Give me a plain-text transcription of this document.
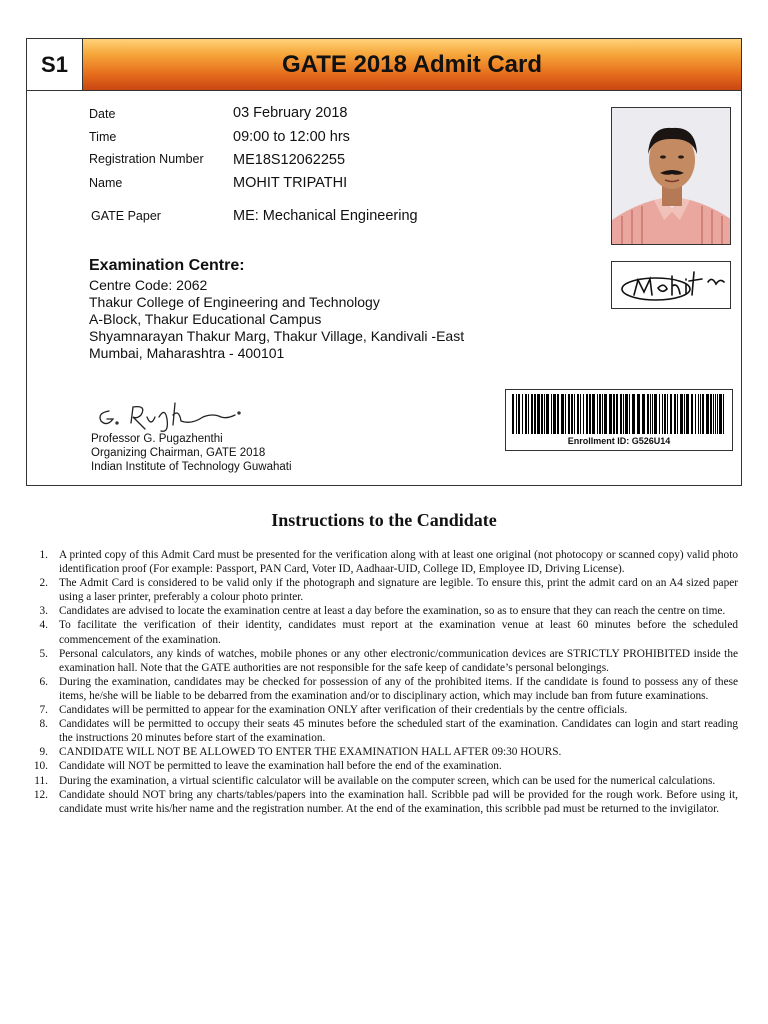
S1	GATE 2018 Admit Card
Date	03 February 2018
Time	09:00 to 12:00 hrs
Registration Number ME18S12062255
Name	MOHIT TRIPATHI
GATE Paper	ME: Mechanical Engineering
Examination Centre:
Centre Code: 2062
Thakur College of Engineering and Technology
A-Block, Thakur Educational Campus
Shyamnarayan Thakur Marg, Thakur Village, Kandivali -East
Mumbai, Maharashtra - 400101
Enrollment ID: G526U14
Professor G. Pugazhenthi
Organizing Chairman, GATE 2018
Indian Institute of Technology Guwahati
Instructions to the Candidate
1. A printed copy of this Admit Card must be presented for the verification along with at least one original (not photocopy or scanned copy) valid photo identification proof (For example: Passport, PAN Card, Voter ID, Aadhaar-UID, College ID, Employee ID, Driving License).
2. The Admit Card is considered to be valid only if the photograph and signature are legible. To ensure this, print the admit card on an A4 sized paper using a laser printer, preferably a colour photo printer.
3. Candidates are advised to locate the examination centre at least a day before the examination, so as to ensure that they can reach the centre on time.
4. To facilitate the verification of their identity, candidates must report at the examination venue at least 60 minutes before the scheduled commencement of the examination.
5. Personal calculators, any kinds of watches, mobile phones or any other electronic/communication devices are STRICTLY PROHIBITED inside the examination hall. Note that the GATE authorities are not responsible for the safe keep of candidate’s personal belongings.
6. During the examination, candidates may be checked for possession of any of the prohibited items. If the candidate is found to possess any of these items, he/she will be liable to be debarred from the examination and/or to disciplinary action, which may include ban from future examinations.
7. Candidates will be permitted to appear for the examination ONLY after verification of their credentials by the centre officials.
8. Candidates will be permitted to occupy their seats 45 minutes before the scheduled start of the examination. Candidates can login and start reading the instructions 20 minutes before start of the examination.
9. CANDIDATE WILL NOT BE ALLOWED TO ENTER THE EXAMINATION HALL AFTER 09:30 HOURS.
10. Candidate will NOT be permitted to leave the examination hall before the end of the examination.
11. During the examination, a virtual scientific calculator will be available on the computer screen, which can be used for the numerical calculations.
12. Candidate should NOT bring any charts/tables/papers into the examination hall. Scribble pad will be provided for the rough work. Before using it, candidate must write his/her name and the registration number. At the end of the examination, this scribble pad must be returned to the invigilator.
